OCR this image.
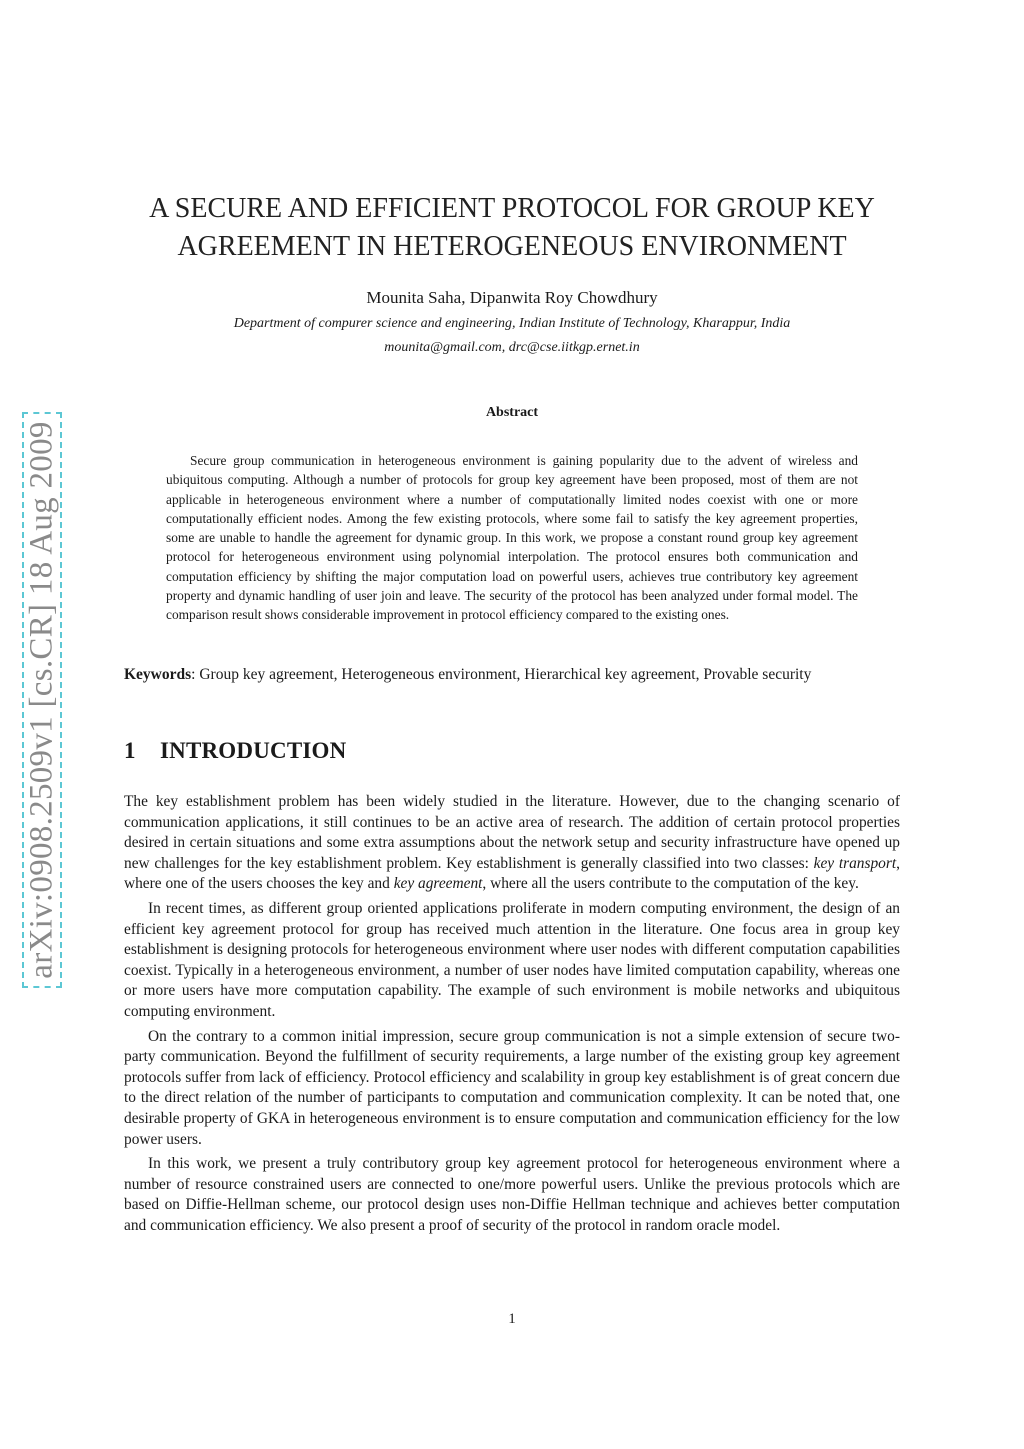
arXiv:0908.2509v1 [cs.CR] 18 Aug 2009
A SECURE AND EFFICIENT PROTOCOL FOR GROUP KEY
AGREEMENT IN HETEROGENEOUS ENVIRONMENT
Mounita Saha, Dipanwita Roy Chowdhury
Department of compurer science and engineering, Indian Institute of Technology, Kharappur, India
mounita@gmail.com, drc@cse.iitkgp.ernet.in
Abstract

Secure group communication in heterogeneous environment is gaining popularity due to the advent of wireless and ubiquitous computing. Although a number of protocols for group key agreement have been proposed, most of them are not applicable in heterogeneous environment where a number of computationally limited nodes coexist with one or more computationally efficient nodes. Among the few existing protocols, where some fail to satisfy the key agreement properties, some are unable to handle the agreement for dynamic group. In this work, we propose a constant round group key agreement protocol for heterogeneous environment using polynomial interpolation. The protocol ensures both communication and computation efficiency by shifting the major computation load on powerful users, achieves true contributory key agreement property and dynamic handling of user join and leave. The security of the protocol has been analyzed under formal model. The comparison result shows considerable improvement in protocol efficiency compared to the existing ones.

Keywords: Group key agreement, Heterogeneous environment, Hierarchical key agreement, Provable security
1 INTRODUCTION

The key establishment problem has been widely studied in the literature. However, due to the changing scenario of communication applications, it still continues to be an active area of research. The addition of certain protocol properties desired in certain situations and some extra assumptions about the network setup and security infrastructure have opened up new challenges for the key establishment problem. Key establishment is generally classified into two classes: key transport, where one of the users chooses the key and key agreement, where all the users contribute to the computation of the key.

In recent times, as different group oriented applications proliferate in modern computing environment, the design of an efficient key agreement protocol for group has received much attention in the literature. One focus area in group key establishment is designing protocols for heterogeneous environment where user nodes with different computation capabilities coexist. Typically in a heterogeneous environment, a number of user nodes have limited computation capability, whereas one or more users have more computation capability. The example of such environment is mobile networks and ubiquitous computing environment.

On the contrary to a common initial impression, secure group communication is not a simple extension of secure two-party communication. Beyond the fulfillment of security requirements, a large number of the existing group key agreement protocols suffer from lack of efficiency. Protocol efficiency and scalability in group key establishment is of great concern due to the direct relation of the number of participants to computation and communication complexity. It can be noted that, one desirable property of GKA in heterogeneous environment is to ensure computation and communication efficiency for the low power users.

In this work, we present a truly contributory group key agreement protocol for heterogeneous environment where a number of resource constrained users are connected to one/more powerful users. Unlike the previous protocols which are based on Diffie-Hellman scheme, our protocol design uses non-Diffie Hellman technique and achieves better computation and communication efficiency. We also present a proof of security of the protocol in random oracle model.

1
